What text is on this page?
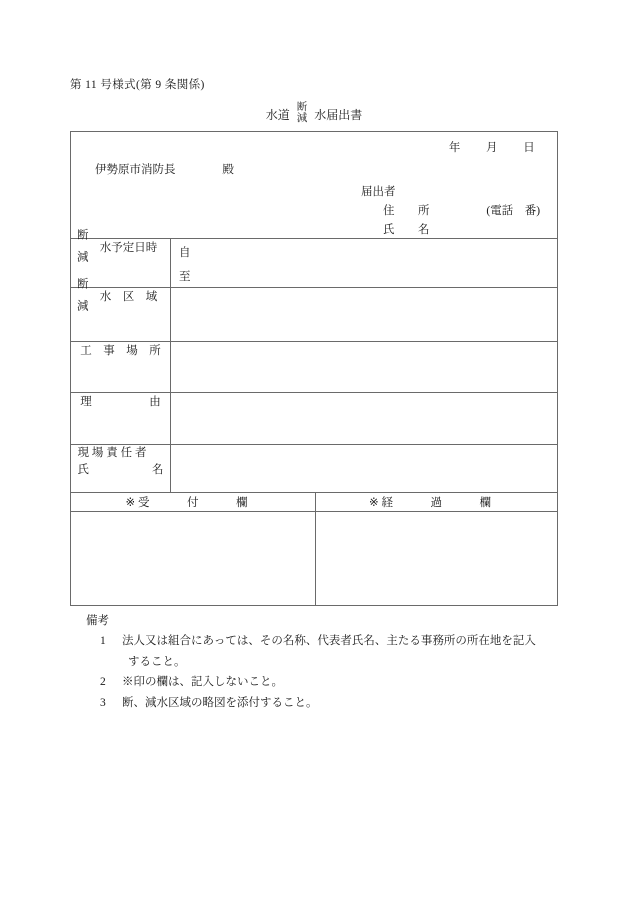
第 11 号様式(第 9 条関係)
水道
断
減 水届出書
年 月 日
伊勢原市消防長 殿
届出者
住　所 (電話　番)
氏　名	

断
減
水予定日時	自
至

断
減
水　区　域	

工　事　場　所	

理　　　　　由	

現 場 責 任 者
氏 名	

※ 受　付　欄	※ 経　過　欄

備考
1 法人又は組合にあっては、その名称、代表者氏名、主たる事務所の所在地を記入
すること。
2 ※印の欄は、記入しないこと。
3 断、減水区域の略図を添付すること。
